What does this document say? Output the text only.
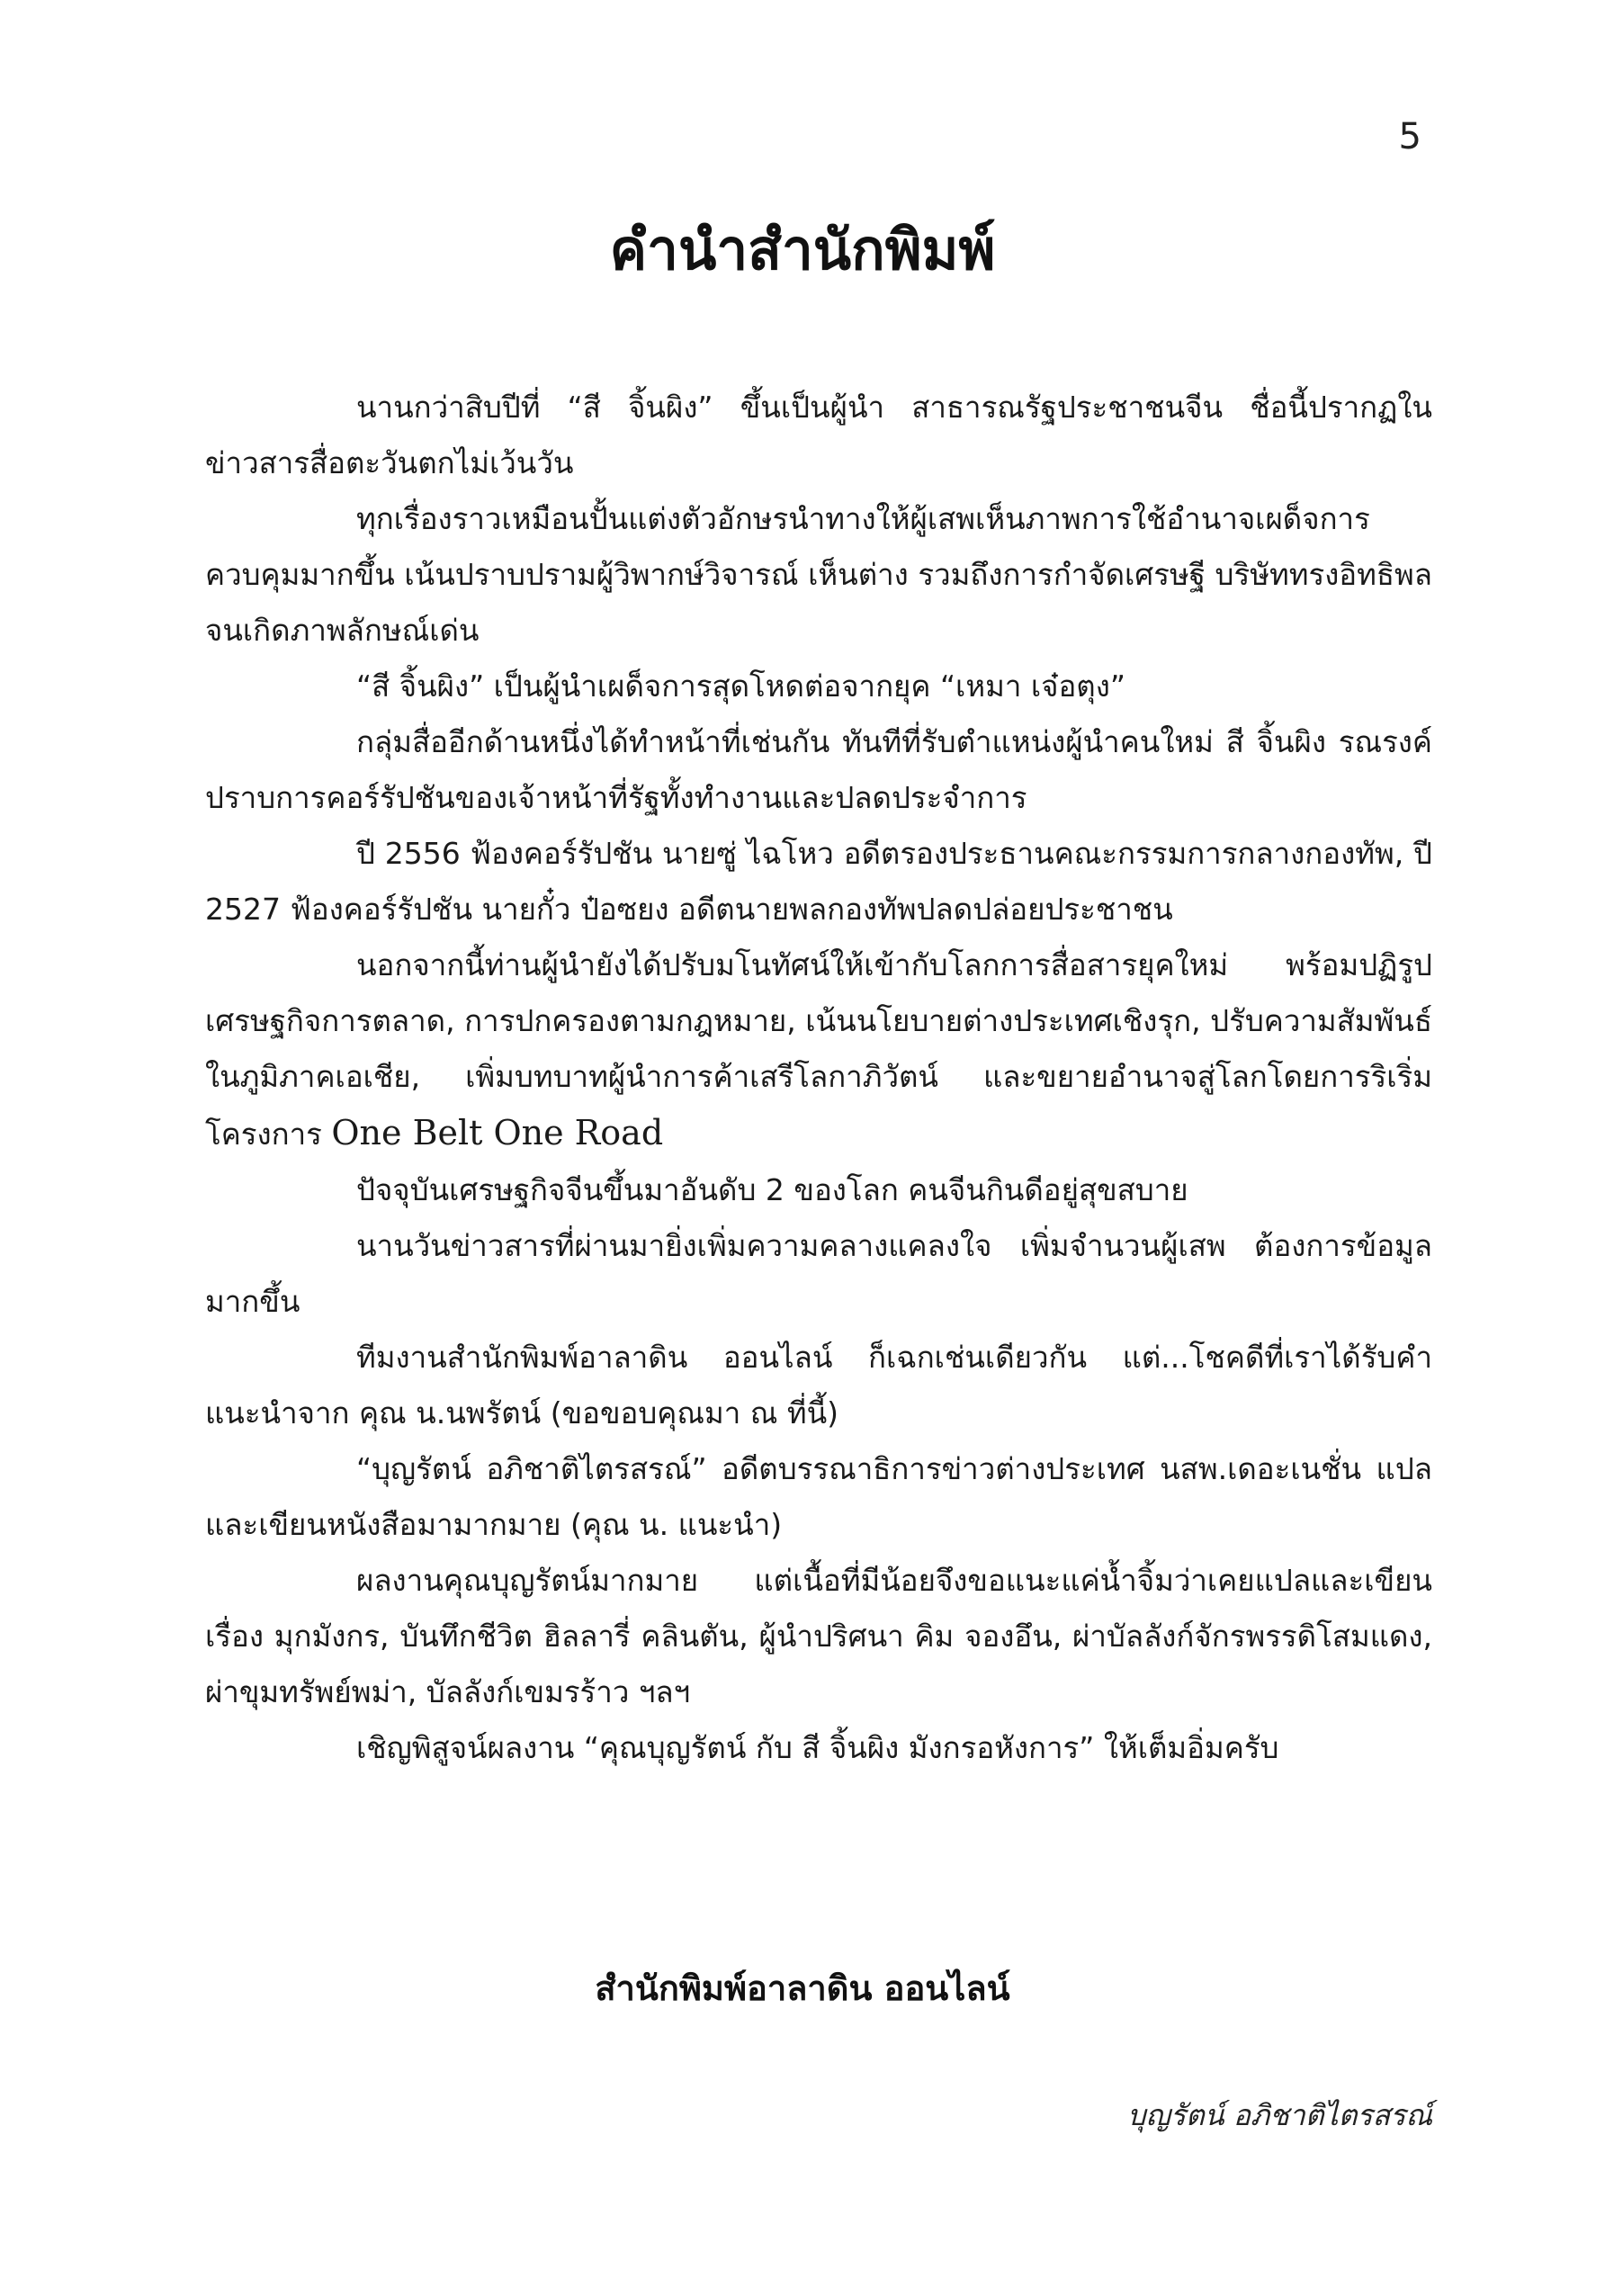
5
คำนำสำนักพิมพ์

นานกว่าสิบปีที่ “สี จิ้นผิง” ขึ้นเป็นผู้นำ สาธารณรัฐประชาชนจีน ชื่อนี้ปรากฏในข่าวสารสื่อตะวันตกไม่เว้นวัน

ทุกเรื่องราวเหมือนปั้นแต่งตัวอักษรนำทางให้ผู้เสพเห็นภาพการใช้อำนาจเผด็จการควบคุมมากขึ้น เน้นปราบปรามผู้วิพากษ์วิจารณ์ เห็นต่าง รวมถึงการกำจัดเศรษฐี บริษัททรงอิทธิพล จนเกิดภาพลักษณ์เด่น

“สี จิ้นผิง” เป็นผู้นำเผด็จการสุดโหดต่อจากยุค “เหมา เจ๋อตุง”

กลุ่มสื่ออีกด้านหนึ่งได้ทำหน้าที่เช่นกัน ทันทีที่รับตำแหน่งผู้นำคนใหม่ สี จิ้นผิง รณรงค์ปราบการคอร์รัปชันของเจ้าหน้าที่รัฐทั้งทำงานและปลดประจำการ

ปี 2556 ฟ้องคอร์รัปชัน นายซู่ ไฉโหว อดีตรองประธานคณะกรรมการกลางกองทัพ, ปี 2527 ฟ้องคอร์รัปชัน นายกั๋ว ป๋อซยง อดีตนายพลกองทัพปลดปล่อยประชาชน

นอกจากนี้ท่านผู้นำยังได้ปรับมโนทัศน์ให้เข้ากับโลกการสื่อสารยุคใหม่ พร้อมปฏิรูปเศรษฐกิจการตลาด, การปกครองตามกฎหมาย, เน้นนโยบายต่างประเทศเชิงรุก, ปรับความสัมพันธ์ในภูมิภาคเอเชีย, เพิ่มบทบาทผู้นำการค้าเสรีโลกาภิวัตน์ และขยายอำนาจสู่โลกโดยการริเริ่มโครงการ One Belt One Road

ปัจจุบันเศรษฐกิจจีนขึ้นมาอันดับ 2 ของโลก คนจีนกินดีอยู่สุขสบาย

นานวันข่าวสารที่ผ่านมายิ่งเพิ่มความคลางแคลงใจ เพิ่มจำนวนผู้เสพ ต้องการข้อมูลมากขึ้น

ทีมงานสำนักพิมพ์อาลาดิน ออนไลน์ ก็เฉกเช่นเดียวกัน แต่...โชคดีที่เราได้รับคำแนะนำจาก คุณ น.นพรัตน์ (ขอขอบคุณมา ณ ที่นี้)

“บุญรัตน์ อภิชาติไตรสรณ์” อดีตบรรณาธิการข่าวต่างประเทศ นสพ.เดอะเนชั่น แปลและเขียนหนังสือมามากมาย (คุณ น. แนะนำ)

ผลงานคุณบุญรัตน์มากมาย แต่เนื้อที่มีน้อยจึงขอแนะแค่น้ำจิ้มว่าเคยแปลและเขียนเรื่อง มุกมังกร, บันทึกชีวิต ฮิลลารี่ คลินตัน, ผู้นำปริศนา คิม จองอึน, ผ่าบัลลังก์จักรพรรดิโสมแดง, ผ่าขุมทรัพย์พม่า, บัลลังก์เขมรร้าว ฯลฯ

เชิญพิสูจน์ผลงาน “คุณบุญรัตน์ กับ สี จิ้นผิง มังกรอหังการ” ให้เต็มอิ่มครับ

สำนักพิมพ์อาลาดิน ออนไลน์
บุญรัตน์ อภิชาติไตรสรณ์
